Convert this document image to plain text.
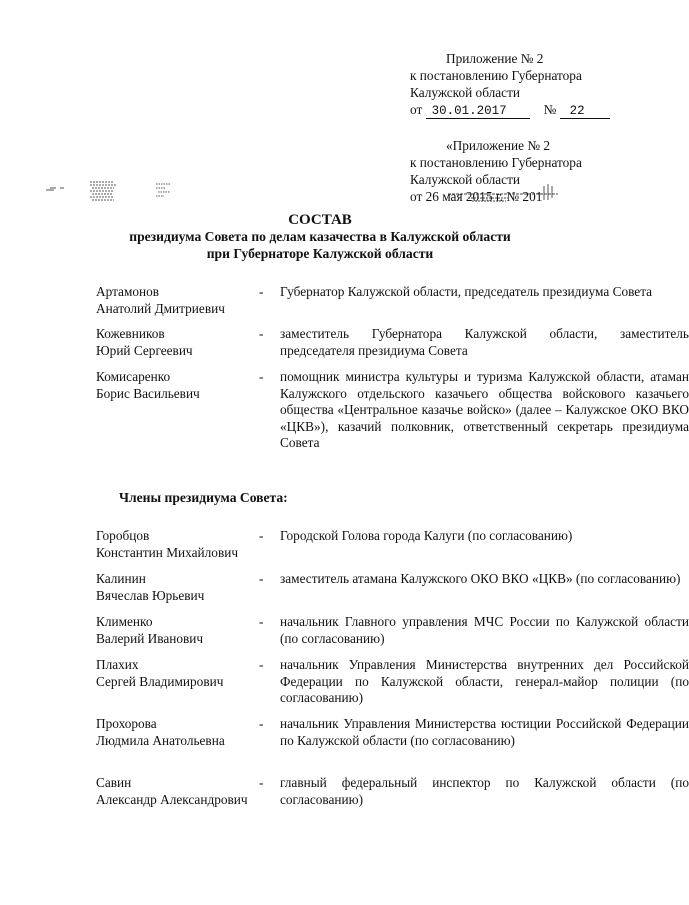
Приложение № 2
к постановлению Губернатора
Калужской области
от 30.01.2017	№ 22
«Приложение № 2
к постановлению Губернатора
Калужской области
от 26 мая 2015 г. № 201
СОСТАВ
президиума Совета по делам казачества в Калужской области
при Губернаторе Калужской области
Артамонов
Анатолий Дмитриевич
- Губернатор Калужской области, председатель президиума Совета
Кожевников
Юрий Сергеевич
- заместитель Губернатора Калужской области, заместитель председателя президиума Совета
Комисаренко
Борис Васильевич
- помощник министра культуры и туризма Калужской области, атаман Калужского отдельского казачьего общества войскового казачьего общества «Центральное казачье войско» (далее – Калужское ОКО ВКО «ЦКВ»), казачий полковник, ответственный секретарь президиума Совета
Члены президиума Совета:
Горобцов
Константин Михайлович
- Городской Голова города Калуги (по согласованию)
Калинин
Вячеслав Юрьевич
- заместитель атамана Калужского ОКО ВКО «ЦКВ» (по согласованию)
Клименко
Валерий Иванович
- начальник Главного управления МЧС России по Калужской области (по согласованию)
Плахих
Сергей Владимирович
- начальник Управления Министерства внутренних дел Российской Федерации по Калужской области, генерал-майор полиции (по согласованию)
Прохорова
Людмила Анатольевна
- начальник Управления Министерства юстиции Российской Федерации по Калужской области (по согласованию)
Савин
Александр Александрович
- главный федеральный инспектор по Калужской области (по согласованию)
